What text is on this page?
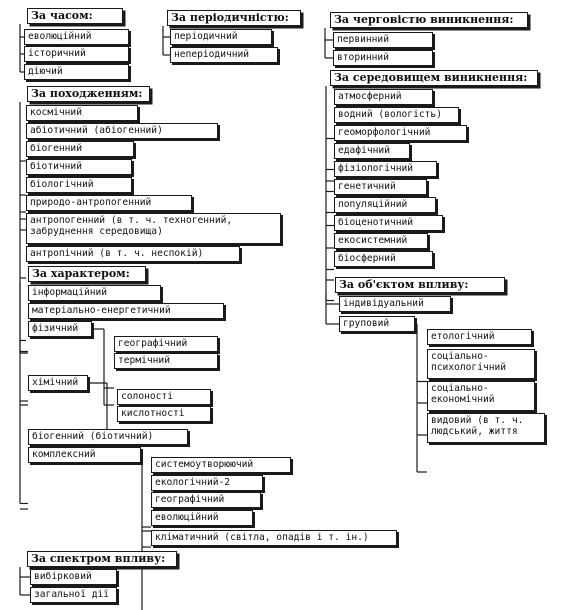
За часом:
еволюційний
історичний
діючий
За періодичністю:
періодичний
неперіодичний
За черговістю виникнення:
первинний
вторинний
За походженням:
космічний
абіотичний (абіогенний)
біогенний
біотичний
біологічний
природо-антропогенний
антропогенний (в т. ч. техногенний, забруднення середовища)
антропічний (в т. ч. неспокій)
За середовищем виникнення:
атмосферний
водний (вологість)
геоморфологічний
едафічний
фізіологічний
генетичний
популяційний
біоценотичний
екосистемний
біосферний
За характером:
інформаційний
матеріально-енергетичний
фізичний
хімічний
біогенний (біотичний)
комплексний
географічний
термічний
солоності
кислотності
системоутворюючий
екологічний-2
географічний
еволюційний
кліматичний (світла, опадів і т. ін.)
За об'єктом впливу:
індивідуальний
груповий
етологічний
соціально-психологічний
соціально-економічний
видовий (в т. ч. людський, життя
За спектром впливу:
вибірковий
загальної дії
